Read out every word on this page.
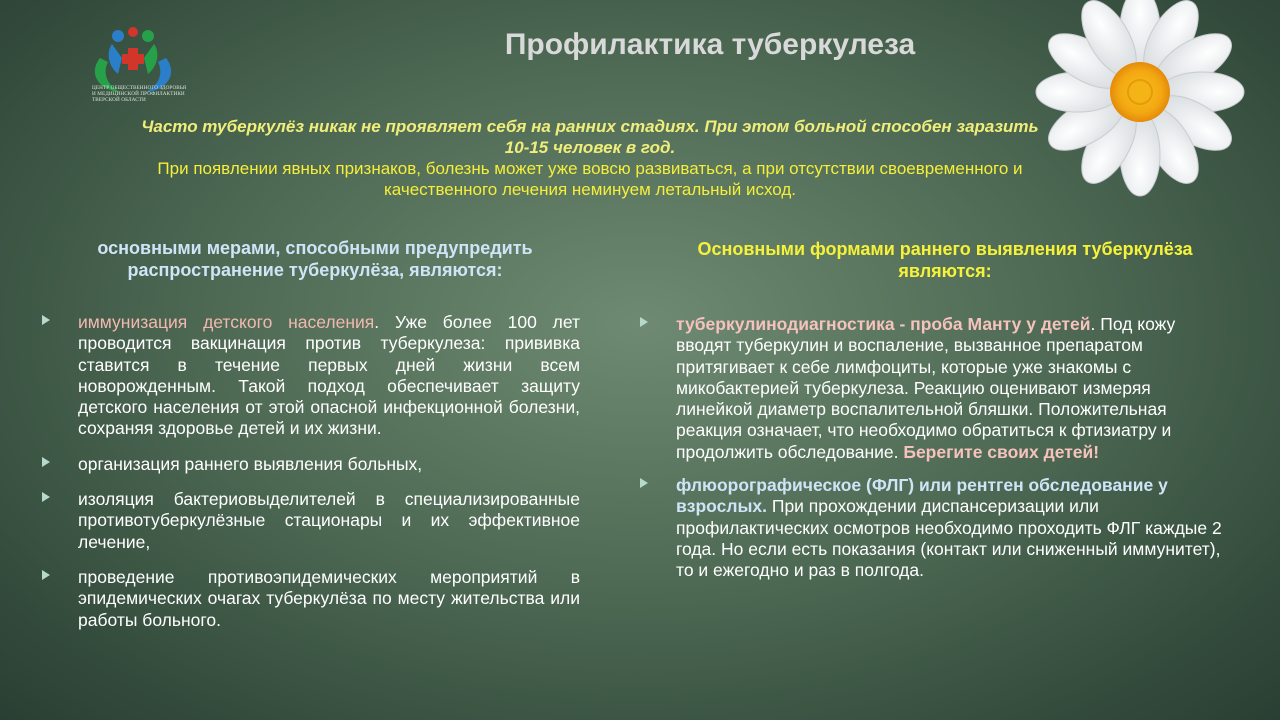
ЦЕНТР ОБЩЕСТВЕННОГО ЗДОРОВЬЯ И МЕДИЦИНСКОЙ ПРОФИЛАКТИКИ ТВЕРСКОЙ ОБЛАСТИ
Профилактика туберкулеза
Часто туберкулёз никак не проявляет себя на ранних стадиях. При этом больной способен заразить 10-15 человек в год.
При появлении явных признаков, болезнь может уже вовсю развиваться, а при отсутствии своевременного и качественного лечения неминуем летальный исход.
основными мерами, способными предупредить распространение туберкулёза, являются:
иммунизация детского населения. Уже более 100 лет проводится вакцинация против туберкулеза: прививка ставится в течение первых дней жизни всем новорожденным. Такой подход обеспечивает защиту детского населения от этой опасной инфекционной болезни, сохраняя здоровье детей и их жизни.
организация раннего выявления больных,
изоляция бактериовыделителей в специализированные противотуберкулёзные стационары и их эффективное лечение,
проведение противоэпидемических мероприятий в эпидемических очагах туберкулёза по месту жительства или работы больного.
Основными формами раннего выявления туберкулёза являются:
туберкулинодиагностика - проба Манту у детей. Под кожу вводят туберкулин и воспаление, вызванное препаратом притягивает к себе лимфоциты, которые уже знакомы с микобактерией туберкулеза. Реакцию оценивают измеряя линейкой диаметр воспалительной бляшки. Положительная реакция означает, что необходимо обратиться к фтизиатру и продолжить обследование. Берегите своих детей!
флюорографическое (ФЛГ) или рентген обследование у взрослых. При прохождении диспансеризации или профилактических осмотров необходимо проходить ФЛГ каждые 2 года. Но если есть показания (контакт или сниженный иммунитет), то и ежегодно и раз в полгода.
